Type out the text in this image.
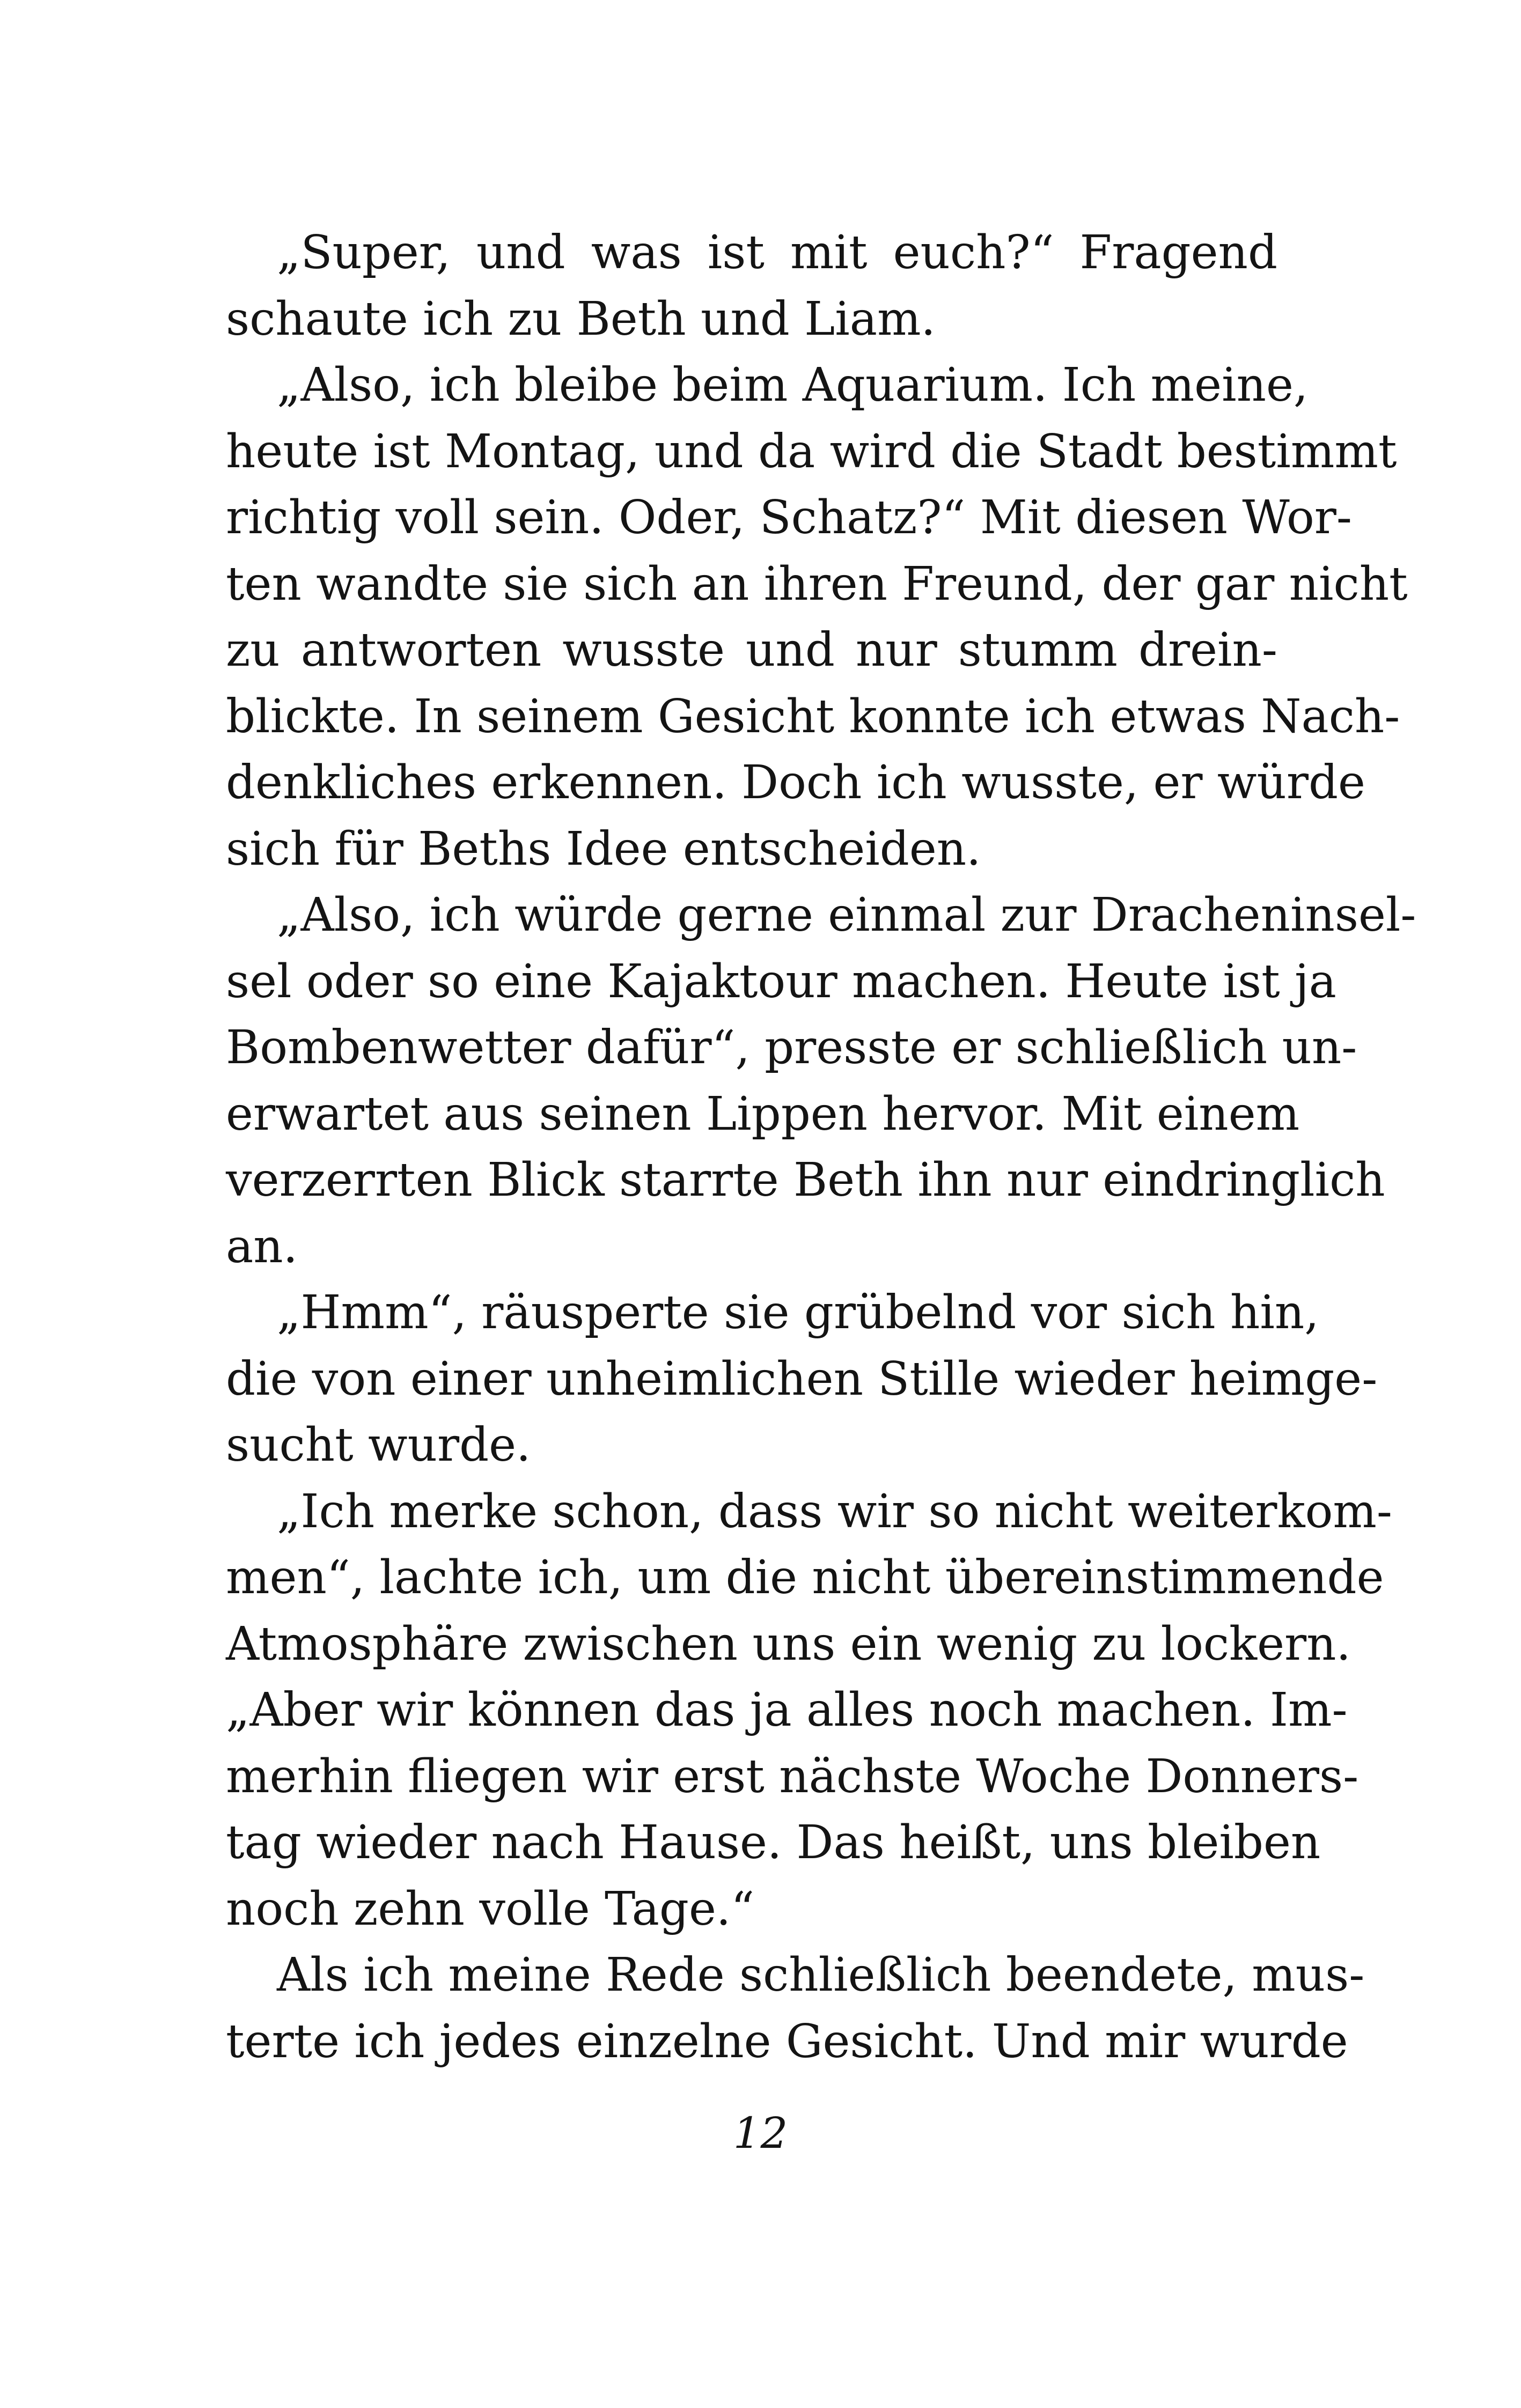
„Super, und was ist mit euch?“ Fragend
schaute ich zu Beth und Liam.
„Also, ich bleibe beim Aquarium. Ich meine,
heute ist Montag, und da wird die Stadt bestimmt
richtig voll sein. Oder, Schatz?“ Mit diesen Wor-
ten wandte sie sich an ihren Freund, der gar nicht
zu antworten wusste und nur stumm drein-
blickte. In seinem Gesicht konnte ich etwas Nach-
denkliches erkennen. Doch ich wusste, er würde
sich für Beths Idee entscheiden.
„Also, ich würde gerne einmal zur Dracheninsel-
sel oder so eine Kajaktour machen. Heute ist ja
Bombenwetter dafür“, presste er schließlich un-
erwartet aus seinen Lippen hervor. Mit einem
verzerrten Blick starrte Beth ihn nur eindringlich
an.
„Hmm“, räusperte sie grübelnd vor sich hin,
die von einer unheimlichen Stille wieder heimge-
sucht wurde.
„Ich merke schon, dass wir so nicht weiterkom-
men“, lachte ich, um die nicht übereinstimmende
Atmosphäre zwischen uns ein wenig zu lockern.
„Aber wir können das ja alles noch machen. Im-
merhin fliegen wir erst nächste Woche Donners-
tag wieder nach Hause. Das heißt, uns bleiben
noch zehn volle Tage.“
Als ich meine Rede schließlich beendete, mus-
terte ich jedes einzelne Gesicht. Und mir wurde
12
